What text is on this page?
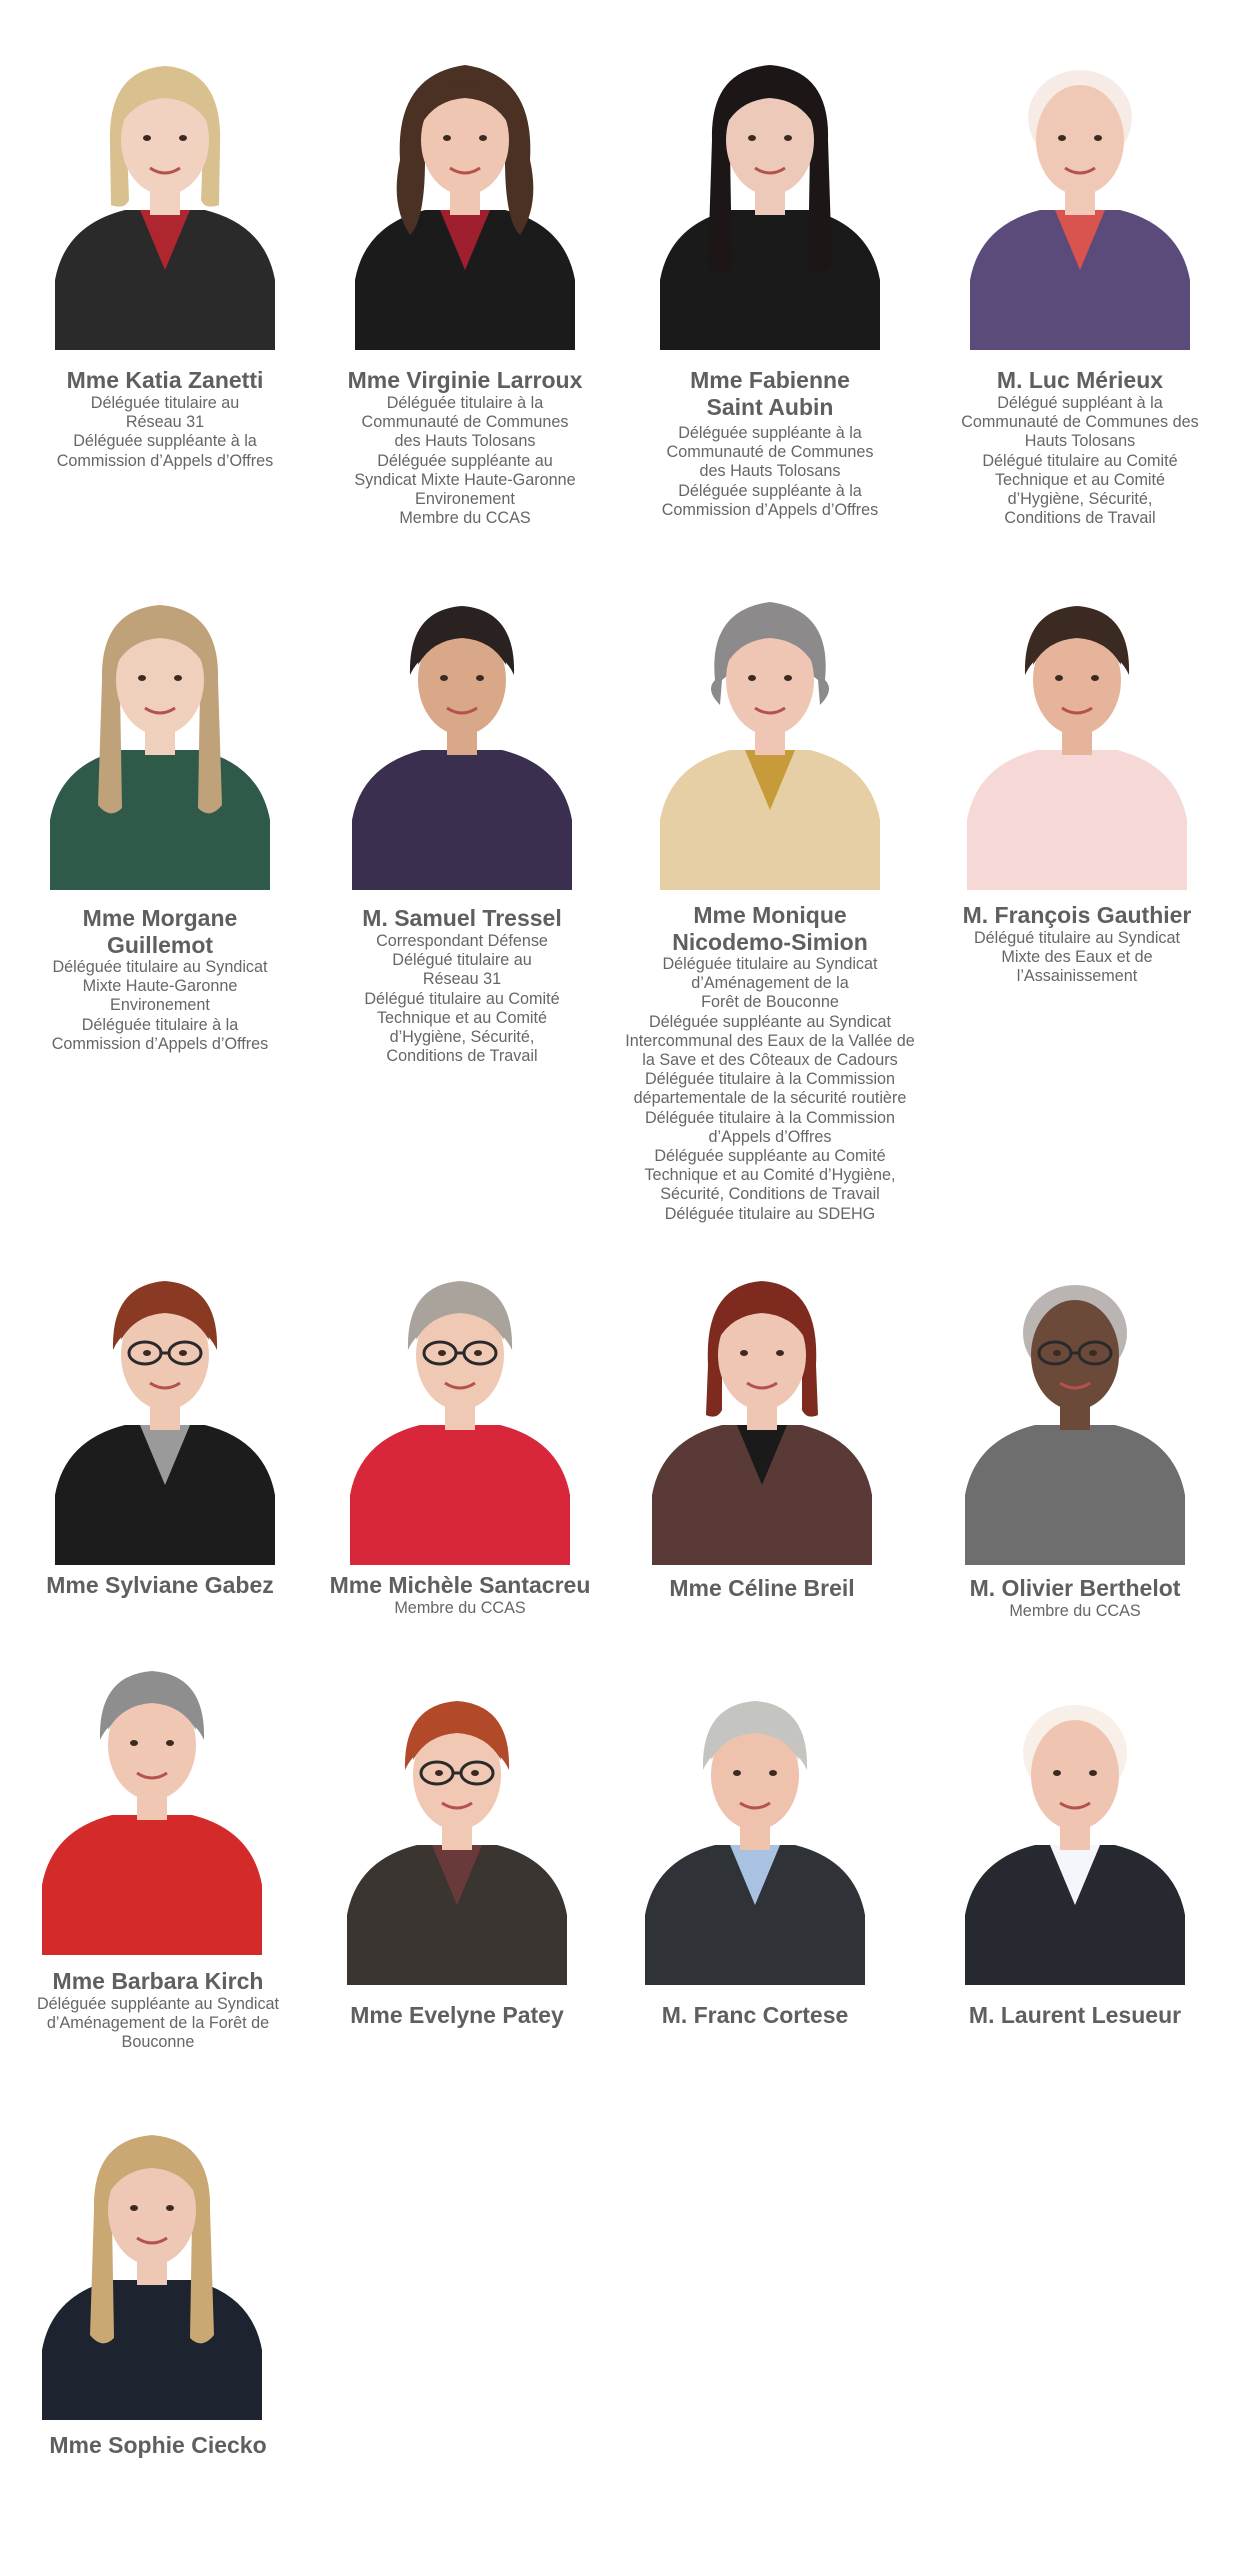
Mme Katia Zanetti
Déléguée titulaire au
Réseau 31
Déléguée suppléante à la
Commission d’Appels d’Offres
Mme Virginie Larroux
Déléguée titulaire à la
Communauté de Communes
des Hauts Tolosans
Déléguée suppléante au
Syndicat Mixte Haute-Garonne
Environement
Membre du CCAS
Mme Fabienne
Saint Aubin
Déléguée suppléante à la
Communauté de Communes
des Hauts Tolosans
Déléguée suppléante à la
Commission d’Appels d’Offres
M. Luc Mérieux
Délégué suppléant à la
Communauté de Communes des
Hauts Tolosans
Délégué titulaire au Comité
Technique et au Comité
d’Hygiène, Sécurité,
Conditions de Travail
Mme Morgane
Guillemot
Déléguée titulaire au Syndicat
Mixte Haute-Garonne
Environement
Déléguée titulaire à la
Commission d’Appels d’Offres
M. Samuel Tressel
Correspondant Défense
Délégué titulaire au
Réseau 31
Délégué titulaire au Comité
Technique et au Comité
d’Hygiène, Sécurité,
Conditions de Travail
Mme Monique
Nicodemo-Simion
Déléguée titulaire au Syndicat
d’Aménagement de la
Forêt de Bouconne
Déléguée suppléante au Syndicat
Intercommunal des Eaux de la Vallée de
la Save et des Côteaux de Cadours
Déléguée titulaire à la Commission
départementale de la sécurité routière
Déléguée titulaire à la Commission
d’Appels d’Offres
Déléguée suppléante au Comité
Technique et au Comité d’Hygiène,
Sécurité, Conditions de Travail
Déléguée titulaire au SDEHG
M. François Gauthier
Délégué titulaire au Syndicat
Mixte des Eaux et de
l’Assainissement
Mme Sylviane Gabez	Mme Michèle Santacreu
Membre du CCAS
Mme Céline Breil	M. Olivier Berthelot
Membre du CCAS
Mme Barbara Kirch
Déléguée suppléante au Syndicat
d’Aménagement de la Forêt de
Bouconne
Mme Evelyne Patey	M. Franc Cortese	M. Laurent Lesueur
Mme Sophie Ciecko
